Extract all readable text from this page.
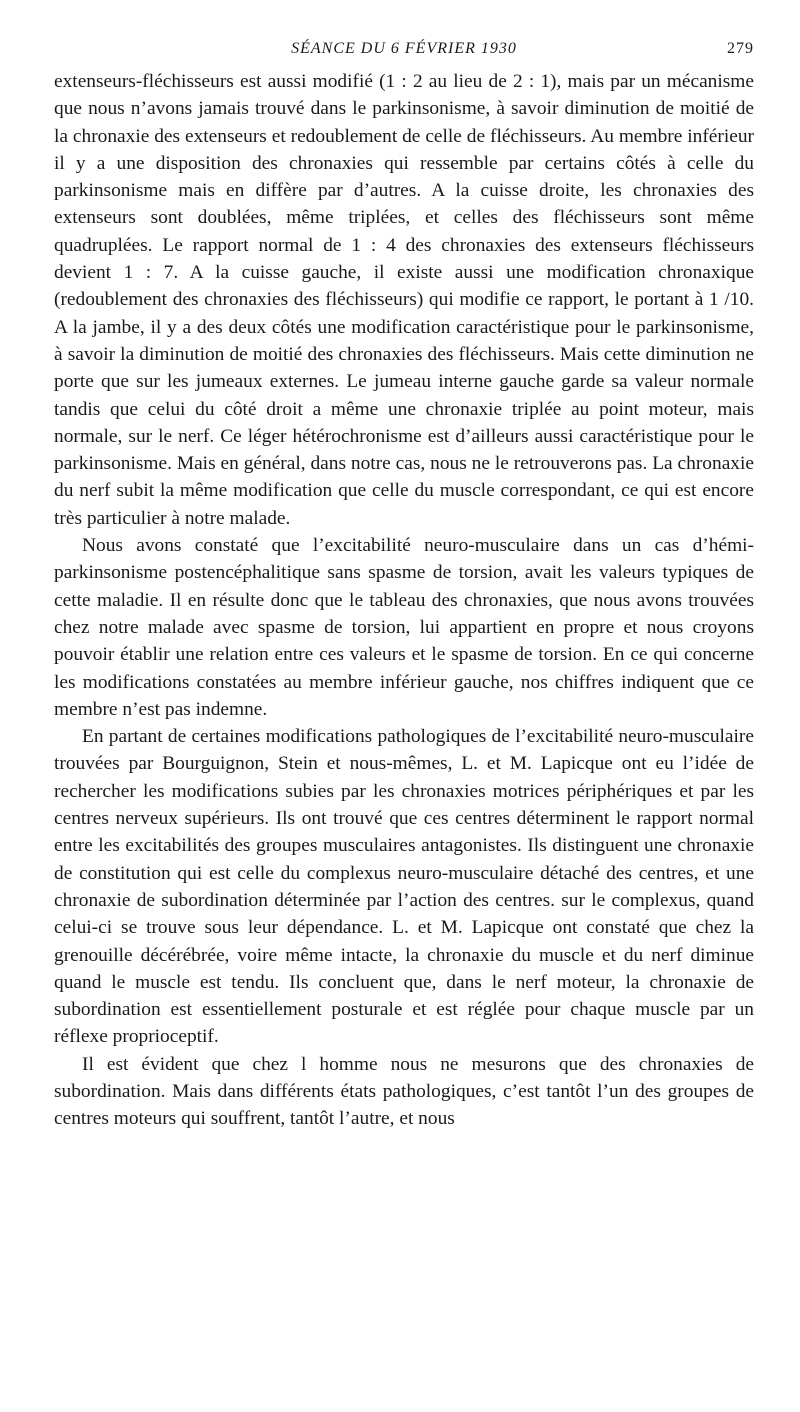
SÉANCE DU 6 FÉVRIER 1930	279

extenseurs-fléchisseurs est aussi modifié (1 : 2 au lieu de 2 : 1), mais par un mécanisme que nous n’avons jamais trouvé dans le parkinsonisme, à savoir diminution de moitié de la chronaxie des extenseurs et redoublement de celle de fléchisseurs. Au membre inférieur il y a une disposition des chronaxies qui ressemble par certains côtés à celle du parkinsonisme mais en diffère par d’autres. A la cuisse droite, les chronaxies des extenseurs sont doublées, même triplées, et celles des fléchisseurs sont même quadruplées. Le rapport normal de 1 : 4 des chronaxies des extenseurs fléchisseurs devient 1 : 7. A la cuisse gauche, il existe aussi une modification chronaxique (redoublement des chronaxies des fléchisseurs) qui modifie ce rapport, le portant à 1 /10. A la jambe, il y a des deux côtés une modification caractéristique pour le parkinsonisme, à savoir la diminution de moitié des chronaxies des fléchisseurs. Mais cette diminution ne porte que sur les jumeaux externes. Le jumeau interne gauche garde sa valeur normale tandis que celui du côté droit a même une chronaxie triplée au point moteur, mais normale, sur le nerf. Ce léger hétérochronisme est d’ailleurs aussi caractéristique pour le parkinsonisme. Mais en général, dans notre cas, nous ne le retrouverons pas. La chronaxie du nerf subit la même modification que celle du muscle correspondant, ce qui est encore très particulier à notre malade.

Nous avons constaté que l’excitabilité neuro-musculaire dans un cas d’hémi-parkinsonisme postencéphalitique sans spasme de torsion, avait les valeurs typiques de cette maladie. Il en résulte donc que le tableau des chronaxies, que nous avons trouvées chez notre malade avec spasme de torsion, lui appartient en propre et nous croyons pouvoir établir une relation entre ces valeurs et le spasme de torsion. En ce qui concerne les modifications constatées au membre inférieur gauche, nos chiffres indiquent que ce membre n’est pas indemne.

En partant de certaines modifications pathologiques de l’excitabilité neuro-musculaire trouvées par Bourguignon, Stein et nous-mêmes, L. et M. Lapicque ont eu l’idée de rechercher les modifications subies par les chronaxies motrices périphériques et par les centres nerveux supérieurs. Ils ont trouvé que ces centres déterminent le rapport normal entre les excitabilités des groupes musculaires antagonistes. Ils distinguent une chronaxie de constitution qui est celle du complexus neuro-musculaire détaché des centres, et une chronaxie de subordination déterminée par l’action des centres. sur le complexus, quand celui-ci se trouve sous leur dépendance. L. et M. Lapicque ont constaté que chez la grenouille décérébrée, voire même intacte, la chronaxie du muscle et du nerf diminue quand le muscle est tendu. Ils concluent que, dans le nerf moteur, la chronaxie de subordination est essentiellement posturale et est réglée pour chaque muscle par un réflexe proprioceptif.

Il est évident que chez l homme nous ne mesurons que des chronaxies de subordination. Mais dans différents états pathologiques, c’est tantôt l’un des groupes de centres moteurs qui souffrent, tantôt l’autre, et nous
